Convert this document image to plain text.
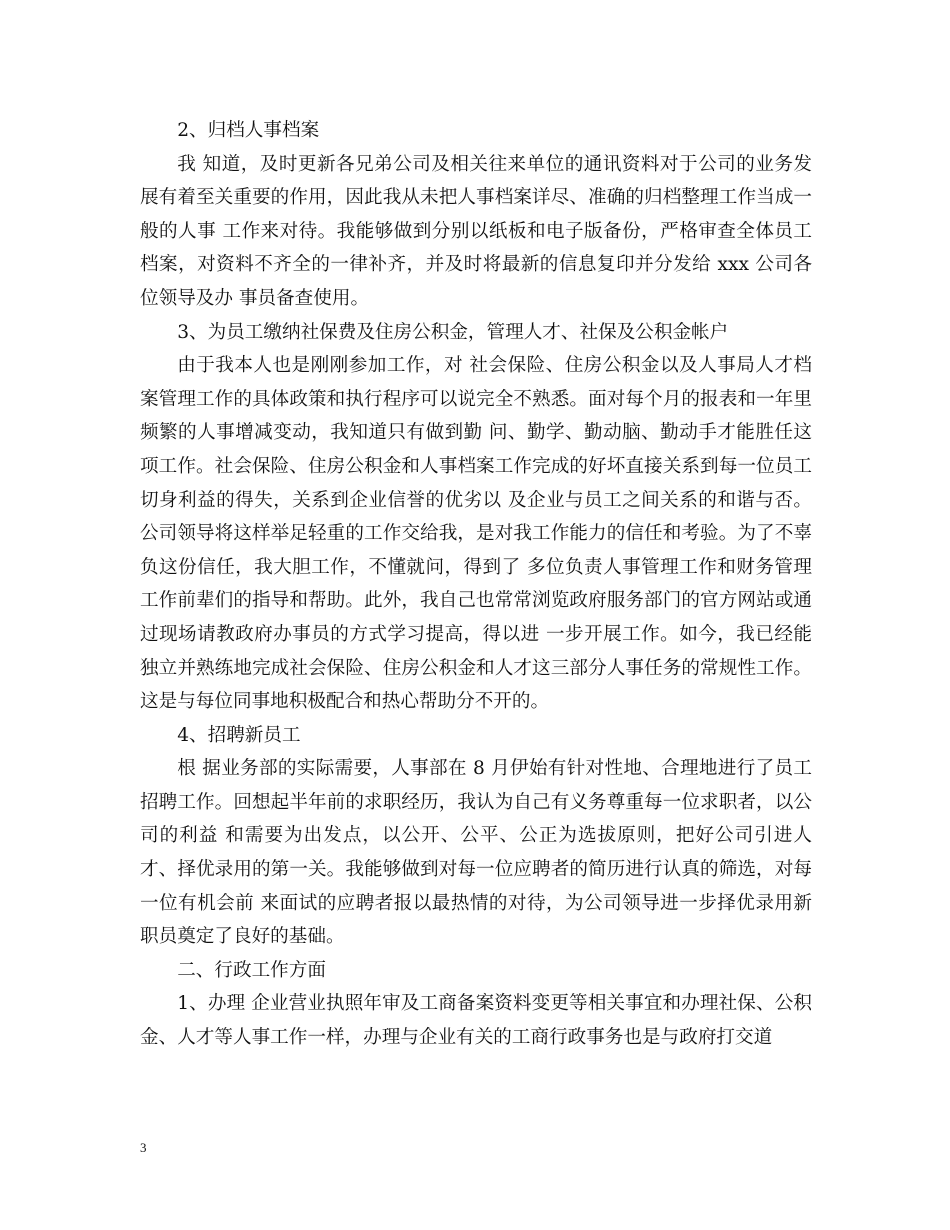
2、归档人事档案

我 知道，及时更新各兄弟公司及相关往来单位的通讯资料对于公司的业务发展有着至关重要的作用，因此我从未把人事档案详尽、准确的归档整理工作当成一般的人事 工作来对待。我能够做到分别以纸板和电子版备份，严格审查全体员工档案，对资料不齐全的一律补齐，并及时将最新的信息复印并分发给 xxx 公司各位领导及办 事员备查使用。

3、为员工缴纳社保费及住房公积金，管理人才、社保及公积金帐户

由于我本人也是刚刚参加工作，对 社会保险、住房公积金以及人事局人才档案管理工作的具体政策和执行程序可以说完全不熟悉。面对每个月的报表和一年里频繁的人事增减变动，我知道只有做到勤 问、勤学、勤动脑、勤动手才能胜任这项工作。社会保险、住房公积金和人事档案工作完成的好坏直接关系到每一位员工切身利益的得失，关系到企业信誉的优劣以 及企业与员工之间关系的和谐与否。公司领导将这样举足轻重的工作交给我，是对我工作能力的信任和考验。为了不辜负这份信任，我大胆工作，不懂就问，得到了 多位负责人事管理工作和财务管理工作前辈们的指导和帮助。此外，我自己也常常浏览政府服务部门的官方网站或通过现场请教政府办事员的方式学习提高，得以进 一步开展工作。如今，我已经能独立并熟练地完成社会保险、住房公积金和人才这三部分人事任务的常规性工作。这是与每位同事地积极配合和热心帮助分不开的。

4、招聘新员工

根 据业务部的实际需要，人事部在 8 月伊始有针对性地、合理地进行了员工招聘工作。回想起半年前的求职经历，我认为自己有义务尊重每一位求职者，以公司的利益 和需要为出发点，以公开、公平、公正为选拔原则，把好公司引进人才、择优录用的第一关。我能够做到对每一位应聘者的简历进行认真的筛选，对每一位有机会前 来面试的应聘者报以最热情的对待，为公司领导进一步择优录用新职员奠定了良好的基础。

二、行政工作方面

1、办理 企业营业执照年审及工商备案资料变更等相关事宜和办理社保、公积金、人才等人事工作一样，办理与企业有关的工商行政事务也是与政府打交道

3
